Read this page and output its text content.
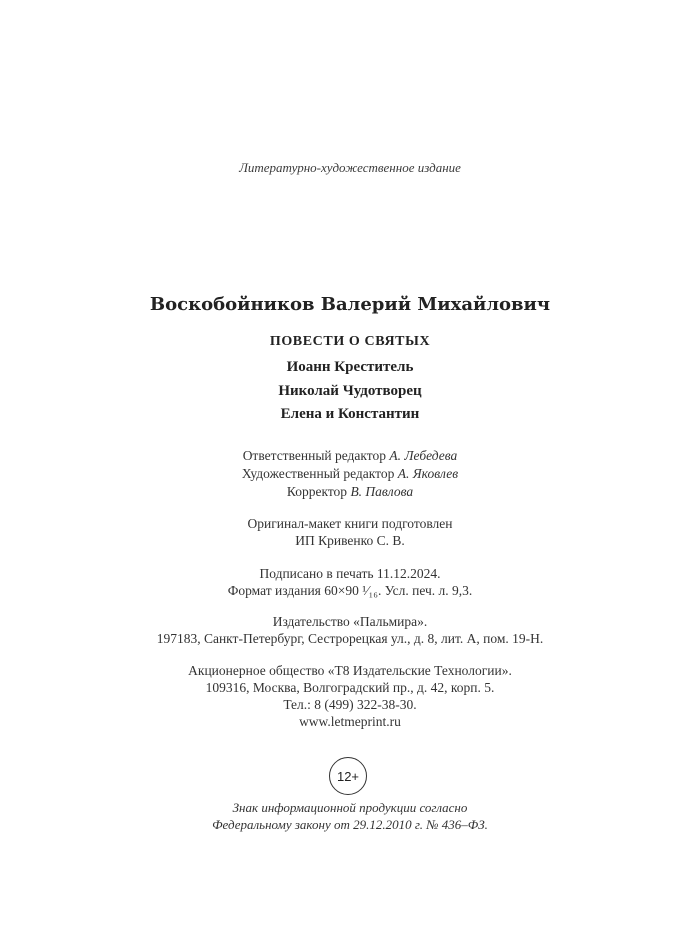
Литературно-художественное издание

Воскобойников Валерий Михайлович

ПОВЕСТИ О СВЯТЫХ

Иоанн Креститель

Николай Чудотворец

Елена и Константин

Ответственный редактор А. Лебедева

Художественный редактор А. Яковлев

Корректор В. Павлова

Оригинал-макет книги подготовлен

ИП Кривенко С. В.

Подписано в печать 11.12.2024.

Формат издания 60×90 ¹⁄₁₆. Усл. печ. л. 9,3.

Издательство «Пальмира».

197183, Санкт-Петербург, Сестрорецкая ул., д. 8, лит. А, пом. 19-Н.

Акционерное общество «Т8 Издательские Технологии».

109316, Москва, Волгоградский пр., д. 42, корп. 5.

Тел.: 8 (499) 322-38-30.

www.letmeprint.ru

12+

Знак информационной продукции согласно

Федеральному закону от 29.12.2010 г. № 436–ФЗ.
